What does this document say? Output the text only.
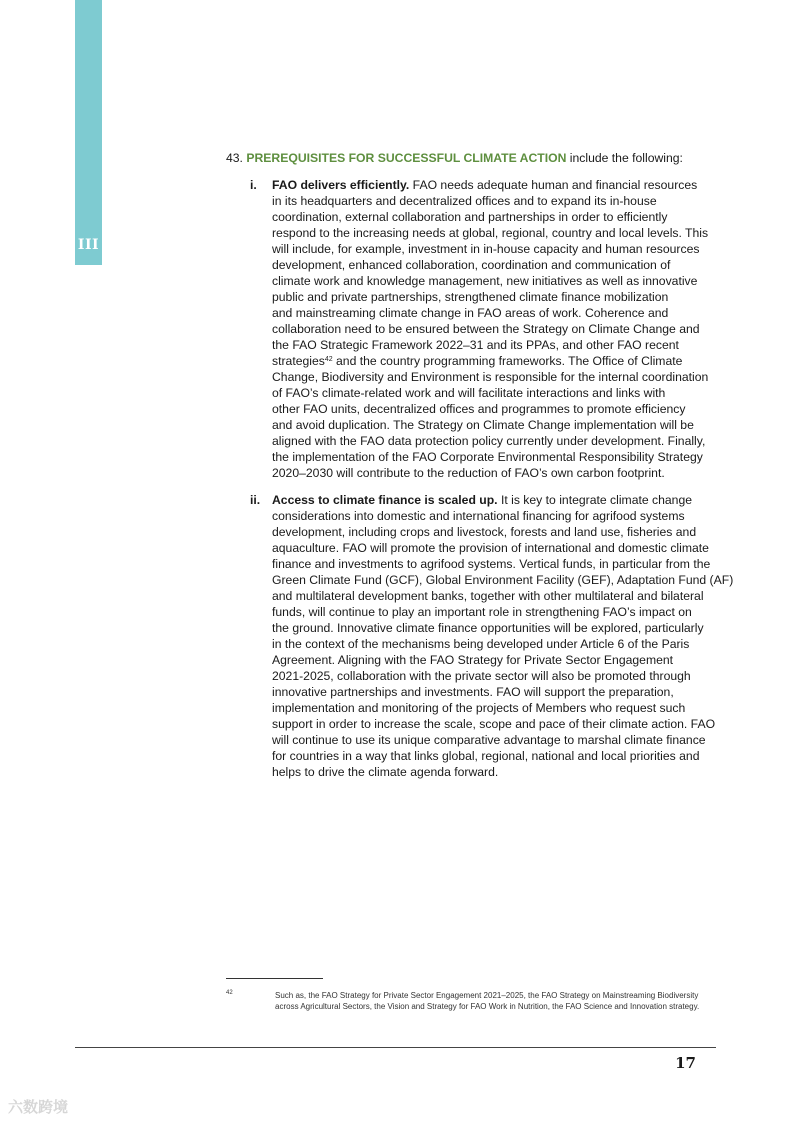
III
43. PREREQUISITES FOR SUCCESSFUL CLIMATE ACTION include the following:
i.	FAO delivers efficiently. FAO needs adequate human and financial resources
in its headquarters and decentralized offices and to expand its in-house
coordination, external collaboration and partnerships in order to efficiently
respond to the increasing needs at global, regional, country and local levels. This
will include, for example, investment in in-house capacity and human resources
development, enhanced collaboration, coordination and communication of
climate work and knowledge management, new initiatives as well as innovative
public and private partnerships, strengthened climate finance mobilization
and mainstreaming climate change in FAO areas of work. Coherence and
collaboration need to be ensured between the Strategy on Climate Change and
the FAO Strategic Framework 2022–31 and its PPAs, and other FAO recent
strategies$^{42}$ and the country programming frameworks. The Office of Climate
Change, Biodiversity and Environment is responsible for the internal coordination
of FAO’s climate-related work and will facilitate interactions and links with
other FAO units, decentralized offices and programmes to promote efficiency
and avoid duplication. The Strategy on Climate Change implementation will be
aligned with the FAO data protection policy currently under development. Finally,
the implementation of the FAO Corporate Environmental Responsibility Strategy
2020–2030 will contribute to the reduction of FAO’s own carbon footprint.
ii. Access to climate finance is scaled up. It is key to integrate climate change
considerations into domestic and international financing for agrifood systems
development, including crops and livestock, forests and land use, fisheries and
aquaculture. FAO will promote the provision of international and domestic climate
finance and investments to agrifood systems. Vertical funds, in particular from the
Green Climate Fund (GCF), Global Environment Facility (GEF), Adaptation Fund (AF)
and multilateral development banks, together with other multilateral and bilateral
funds, will continue to play an important role in strengthening FAO’s impact on
the ground. Innovative climate finance opportunities will be explored, particularly
in the context of the mechanisms being developed under Article 6 of the Paris
Agreement. Aligning with the FAO Strategy for Private Sector Engagement
2021-2025, collaboration with the private sector will also be promoted through
innovative partnerships and investments. FAO will support the preparation,
implementation and monitoring of the projects of Members who request such
support in order to increase the scale, scope and pace of their climate action. FAO
will continue to use its unique comparative advantage to marshal climate finance
for countries in a way that links global, regional, national and local priorities and
helps to drive the climate agenda forward.
42	Such as, the FAO Strategy for Private Sector Engagement 2021–2025, the FAO Strategy on Mainstreaming Biodiversity
across Agricultural Sectors, the Vision and Strategy for FAO Work in Nutrition, the FAO Science and Innovation strategy.
17
六数跨境
